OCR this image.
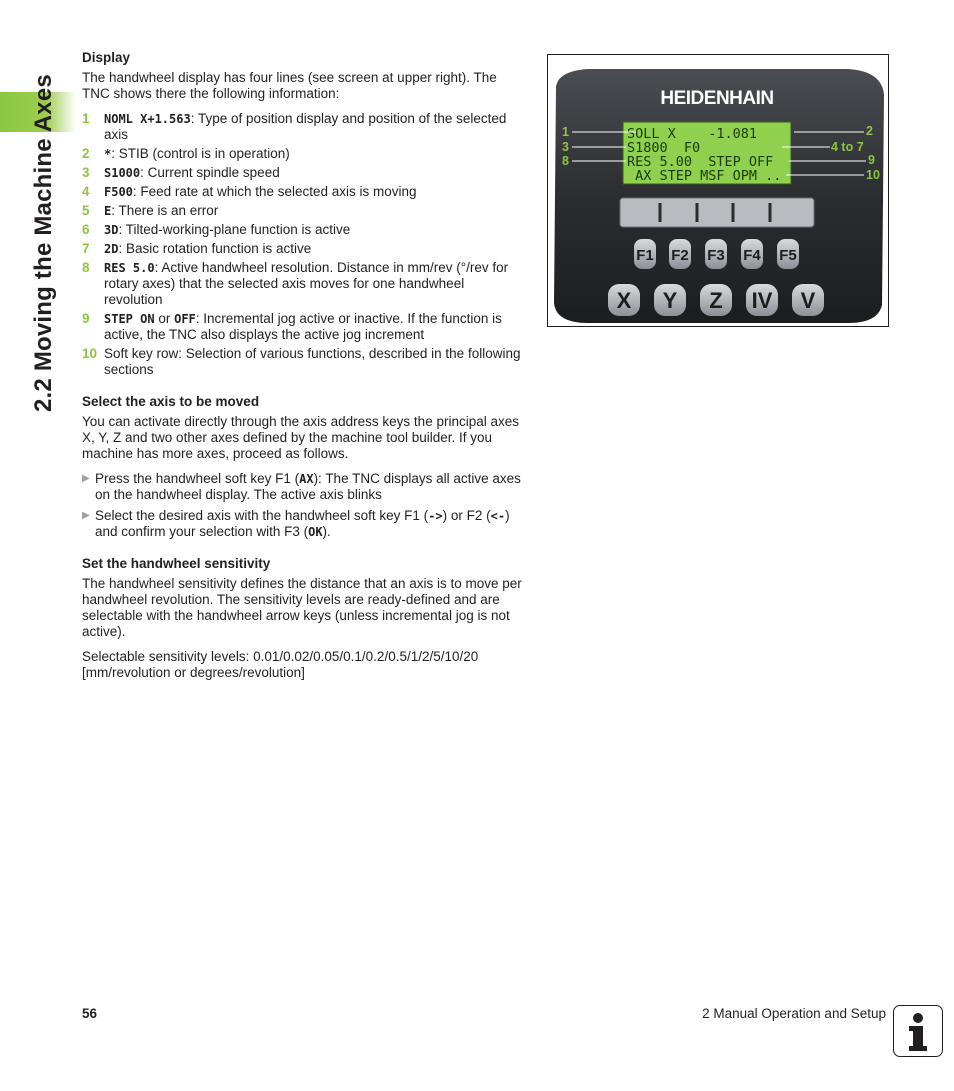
2.2 Moving the Machine Axes
Display

The handwheel display has four lines (see screen at upper right). The TNC shows there the following information:

1	NOML X+1.563: Type of position display and position of the selected axis
2	*: STIB (control is in operation)
3	S1000: Current spindle speed
4	F500: Feed rate at which the selected axis is moving
5	E: There is an error
6	3D: Tilted-working-plane function is active
7	2D: Basic rotation function is active
8	RES 5.0: Active handwheel resolution. Distance in mm/rev (°/rev for rotary axes) that the selected axis moves for one handwheel revolution
9	STEP ON or OFF: Incremental jog active or inactive. If the function is active, the TNC also displays the active jog increment
10 Soft key row: Selection of various functions, described in the following sections
Select the axis to be moved

You can activate directly through the axis address keys the principal axes X, Y, Z and two other axes defined by the machine tool builder. If you machine has more axes, proceed as follows.

▶ Press the handwheel soft key F1 (AX): The TNC displays all active axes on the handwheel display. The active axis blinks
▶ Select the desired axis with the handwheel soft key F1 (->) or F2 (<-) and confirm your selection with F3 (OK).
Set the handwheel sensitivity

The handwheel sensitivity defines the distance that an axis is to move per handwheel revolution. The sensitivity levels are ready-defined and are selectable with the handwheel arrow keys (unless incremental jog is not active).

Selectable sensitivity levels: 0.01/0.02/0.05/0.1/0.2/0.5/1/2/5/10/20 [mm/revolution or degrees/revolution]

HEIDENHAIN
SOLL X    -1.081
S1800  F0
RES 5.00  STEP OFF
AX STEP MSF OPM ..
F1 F2 F3 F4 F5
X Y Z IV V
1
3
8
2
4 to 7
9
10
56	2 Manual Operation and Setup
